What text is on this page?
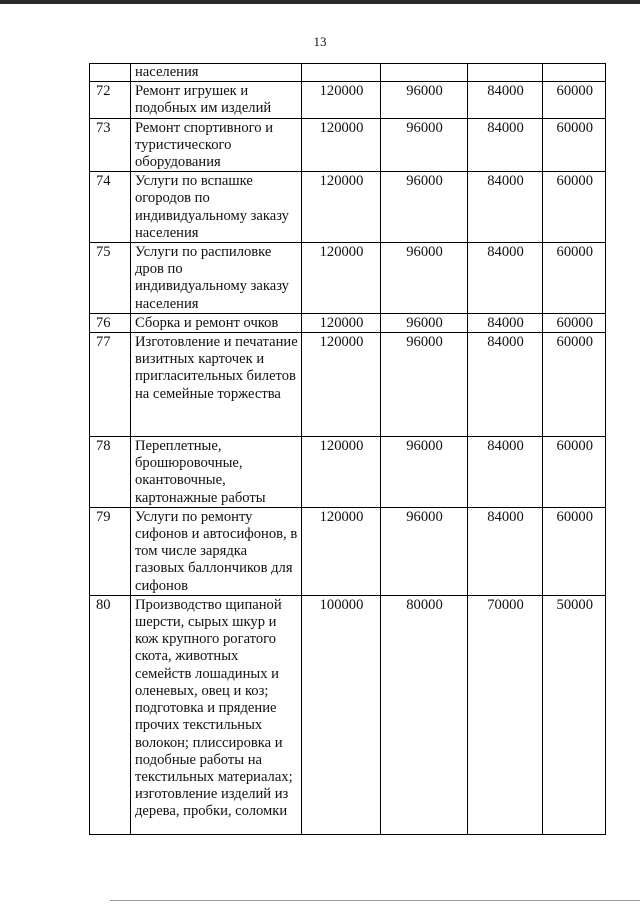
13
	населения				
72	Ремонт игрушек и подобных им изделий	120000	96000	84000	60000
73	Ремонт спортивного и туристического оборудования	120000	96000	84000	60000
74	Услуги по вспашке огородов по индивидуальному заказу населения	120000	96000	84000	60000
75	Услуги по распиловке дров по индивидуальному заказу населения	120000	96000	84000	60000
76	Сборка и ремонт очков	120000	96000	84000	60000
77	Изготовление и печатание визитных карточек и пригласительных билетов на семейные торжества	120000	96000	84000	60000
78	Переплетные, брошюровочные, окантовочные, картонажные работы	120000	96000	84000	60000
79	Услуги по ремонту сифонов и автосифонов, в том числе зарядка газовых баллончиков для сифонов	120000	96000	84000	60000
80	Производство щипаной шерсти, сырых шкур и кож крупного рогатого скота, животных семейств лошадиных и оленевых, овец и коз; подготовка и прядение прочих текстильных волокон; плиссировка и подобные работы на текстильных материалах; изготовление изделий из дерева, пробки, соломки	100000	80000	70000	50000
